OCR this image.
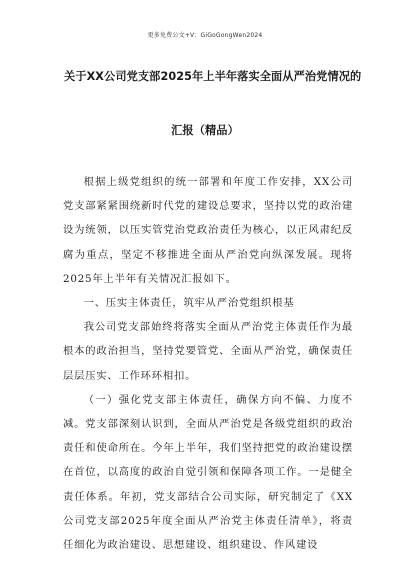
更多免费公文+V：GiGoGongWen2024
关于XX公司党支部2025年上半年落实全面从严治党情况的
汇报（精品）

根据上级党组织的统一部署和年度工作安排，XX公司党支部紧紧围绕新时代党的建设总要求，坚持以党的政治建设为统领，以压实管党治党政治责任为核心，以正风肃纪反腐为重点，坚定不移推进全面从严治党向纵深发展。现将2025年上半年有关情况汇报如下。

一、压实主体责任，筑牢从严治党组织根基

我公司党支部始终将落实全面从严治党主体责任作为最根本的政治担当，坚持党要管党、全面从严治党，确保责任层层压实、工作环环相扣。

（一）强化党支部主体责任，确保方向不偏、力度不减。党支部深刻认识到，全面从严治党是各级党组织的政治责任和使命所在。今年上半年，我们坚持把党的政治建设摆在首位，以高度的政治自觉引领和保障各项工作。一是健全责任体系。年初，党支部结合公司实际，研究制定了《XX公司党支部2025年度全面从严治党主体责任清单》，将责任细化为政治建设、思想建设、组织建设、作风建设
